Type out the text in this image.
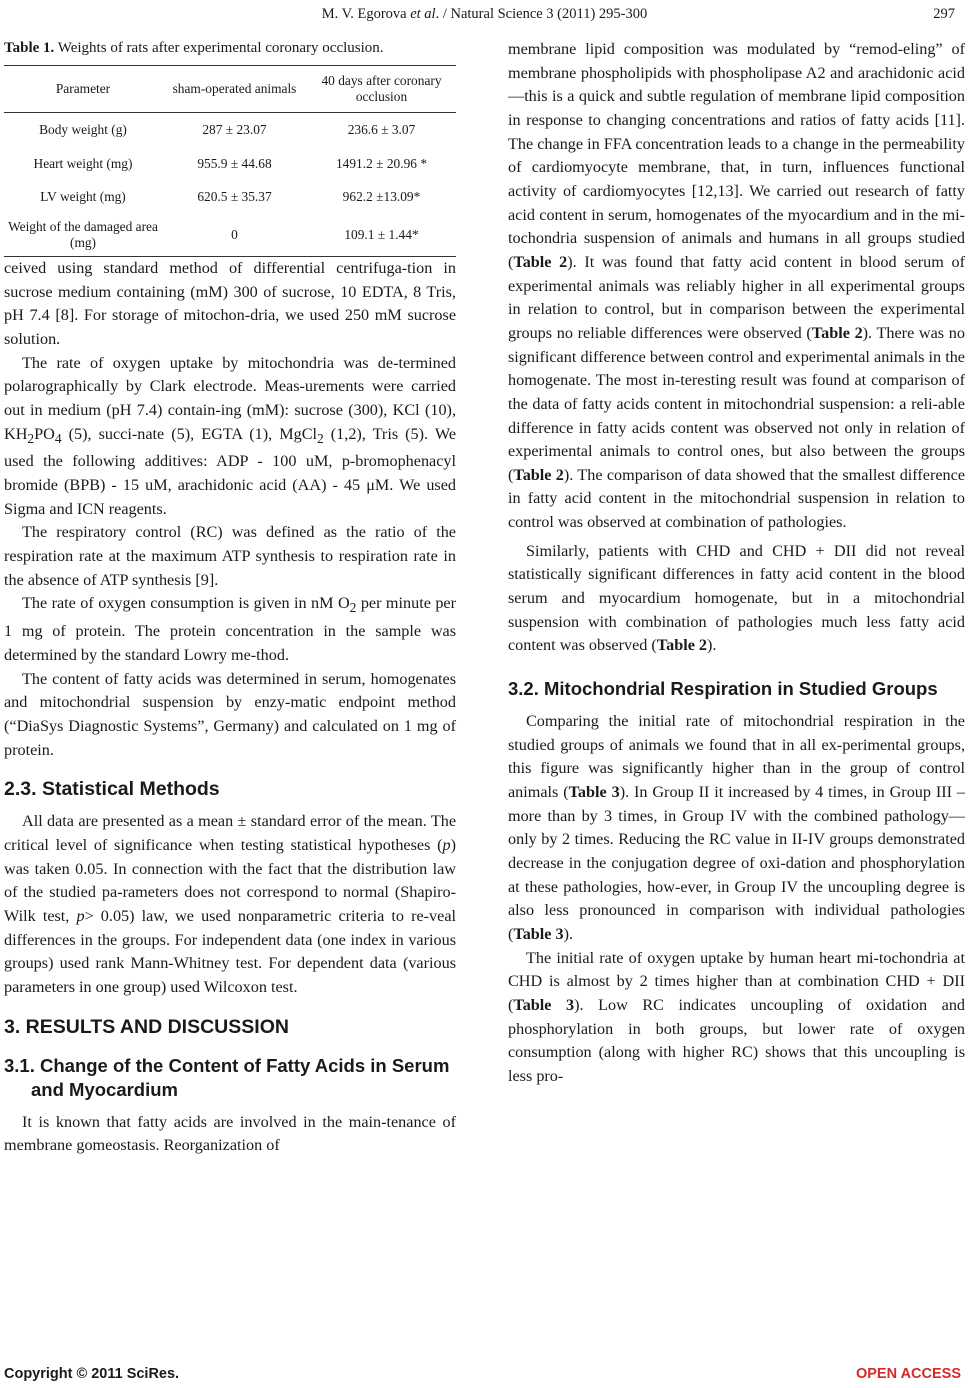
M. V. Egorova et al. / Natural Science 3 (2011) 295-300	297
Table 1. Weights of rats after experimental coronary occlusion.
Parameter	sham-operated animals	40 days after coronary occlusion
Body weight (g)	287 ± 23.07	236.6 ± 3.07
Heart weight (mg)	955.9 ± 44.68	1491.2 ± 20.96 *
LV weight (mg)	620.5 ± 35.37	962.2 ±13.09*
Weight of the damaged area (mg)	0	109.1 ± 1.44*

ceived using standard method of differential centrifuga-tion in sucrose medium containing (mM) 300 of sucrose, 10 EDTA, 8 Tris, pH 7.4 [8]. For storage of mitochon-dria, we used 250 mM sucrose solution.

The rate of oxygen uptake by mitochondria was de-termined polarographically by Clark electrode. Meas-urements were carried out in medium (pH 7.4) contain-ing (mM): sucrose (300), KCl (10), $KH_2PO_4$ (5), succi-nate (5), EGTA (1), MgCl$_2$ (1,2), Tris (5). We used the following additives: ADP - 100 uM, p-bromophenacyl bromide (BPB) - 15 uM, arachidonic acid (AA) - 45 μM. We used Sigma and ICN reagents.

The respiratory control (RC) was defined as the ratio of the respiration rate at the maximum ATP synthesis to respiration rate in the absence of ATP synthesis [9].

The rate of oxygen consumption is given in nM $O_2$ per minute per 1 mg of protein. The protein concentration in the sample was determined by the standard Lowry me-thod.

The content of fatty acids was determined in serum, homogenates and mitochondrial suspension by enzy-matic endpoint method (“DiaSys Diagnostic Systems”, Germany) and calculated on 1 mg of protein.

2.3. Statistical Methods

All data are presented as a mean ± standard error of the mean. The critical level of significance when testing statistical hypotheses (p) was taken 0.05. In connection with the fact that the distribution law of the studied pa-rameters does not correspond to normal (Shapiro-Wilk test, p> 0.05) law, we used nonparametric criteria to re-veal differences in the groups. For independent data (one index in various groups) used rank Mann-Whitney test. For dependent data (various parameters in one group) used Wilcoxon test.

3. RESULTS AND DISCUSSION
3.1. Change of the Content of Fatty Acids in Serum and Myocardium

It is known that fatty acids are involved in the main-tenance of membrane gomeostasis. Reorganization of

membrane lipid composition was modulated by “remod-eling” of membrane phospholipids with phospholipase A2 and arachidonic acid—this is a quick and subtle regulation of membrane lipid composition in response to changing concentrations and ratios of fatty acids [11]. The change in FFA concentration leads to a change in the permeability of cardiomyocyte membrane, that, in turn, influences functional activity of cardiomyocytes [12,13]. We carried out research of fatty acid content in serum, homogenates of the myocardium and in the mi-tochondria suspension of animals and humans in all groups studied (Table 2). It was found that fatty acid content in blood serum of experimental animals was reliably higher in all experimental groups in relation to control, but in comparison between the experimental groups no reliable differences were observed (Table 2). There was no significant difference between control and experimental animals in the homogenate. The most in-teresting result was found at comparison of the data of fatty acids content in mitochondrial suspension: a reli-able difference in fatty acids content was observed not only in relation of experimental animals to control ones, but also between the groups (Table 2). The comparison of data showed that the smallest difference in fatty acid content in the mitochondrial suspension in relation to control was observed at combination of pathologies.

Similarly, patients with CHD and CHD + DII did not reveal statistically significant differences in fatty acid content in the blood serum and myocardium homogenate, but in a mitochondrial suspension with combination of pathologies much less fatty acid content was observed (Table 2).

3.2. Mitochondrial Respiration in Studied Groups

Comparing the initial rate of mitochondrial respiration in the studied groups of animals we found that in all ex-perimental groups, this figure was significantly higher than in the group of control animals (Table 3). In Group II it increased by 4 times, in Group III –more than by 3 times, in Group IV with the combined pathology—only by 2 times. Reducing the RC value in II-IV groups demonstrated decrease in the conjugation degree of oxi-dation and phosphorylation at these pathologies, how-ever, in Group IV the uncoupling degree is also less pronounced in comparison with individual pathologies (Table 3).

The initial rate of oxygen uptake by human heart mi-tochondria at CHD is almost by 2 times higher than at combination CHD + DII (Table 3). Low RC indicates uncoupling of oxidation and phosphorylation in both groups, but lower rate of oxygen consumption (along with higher RC) shows that this uncoupling is less pro-

Copyright © 2011 SciRes.	OPEN ACCESS
